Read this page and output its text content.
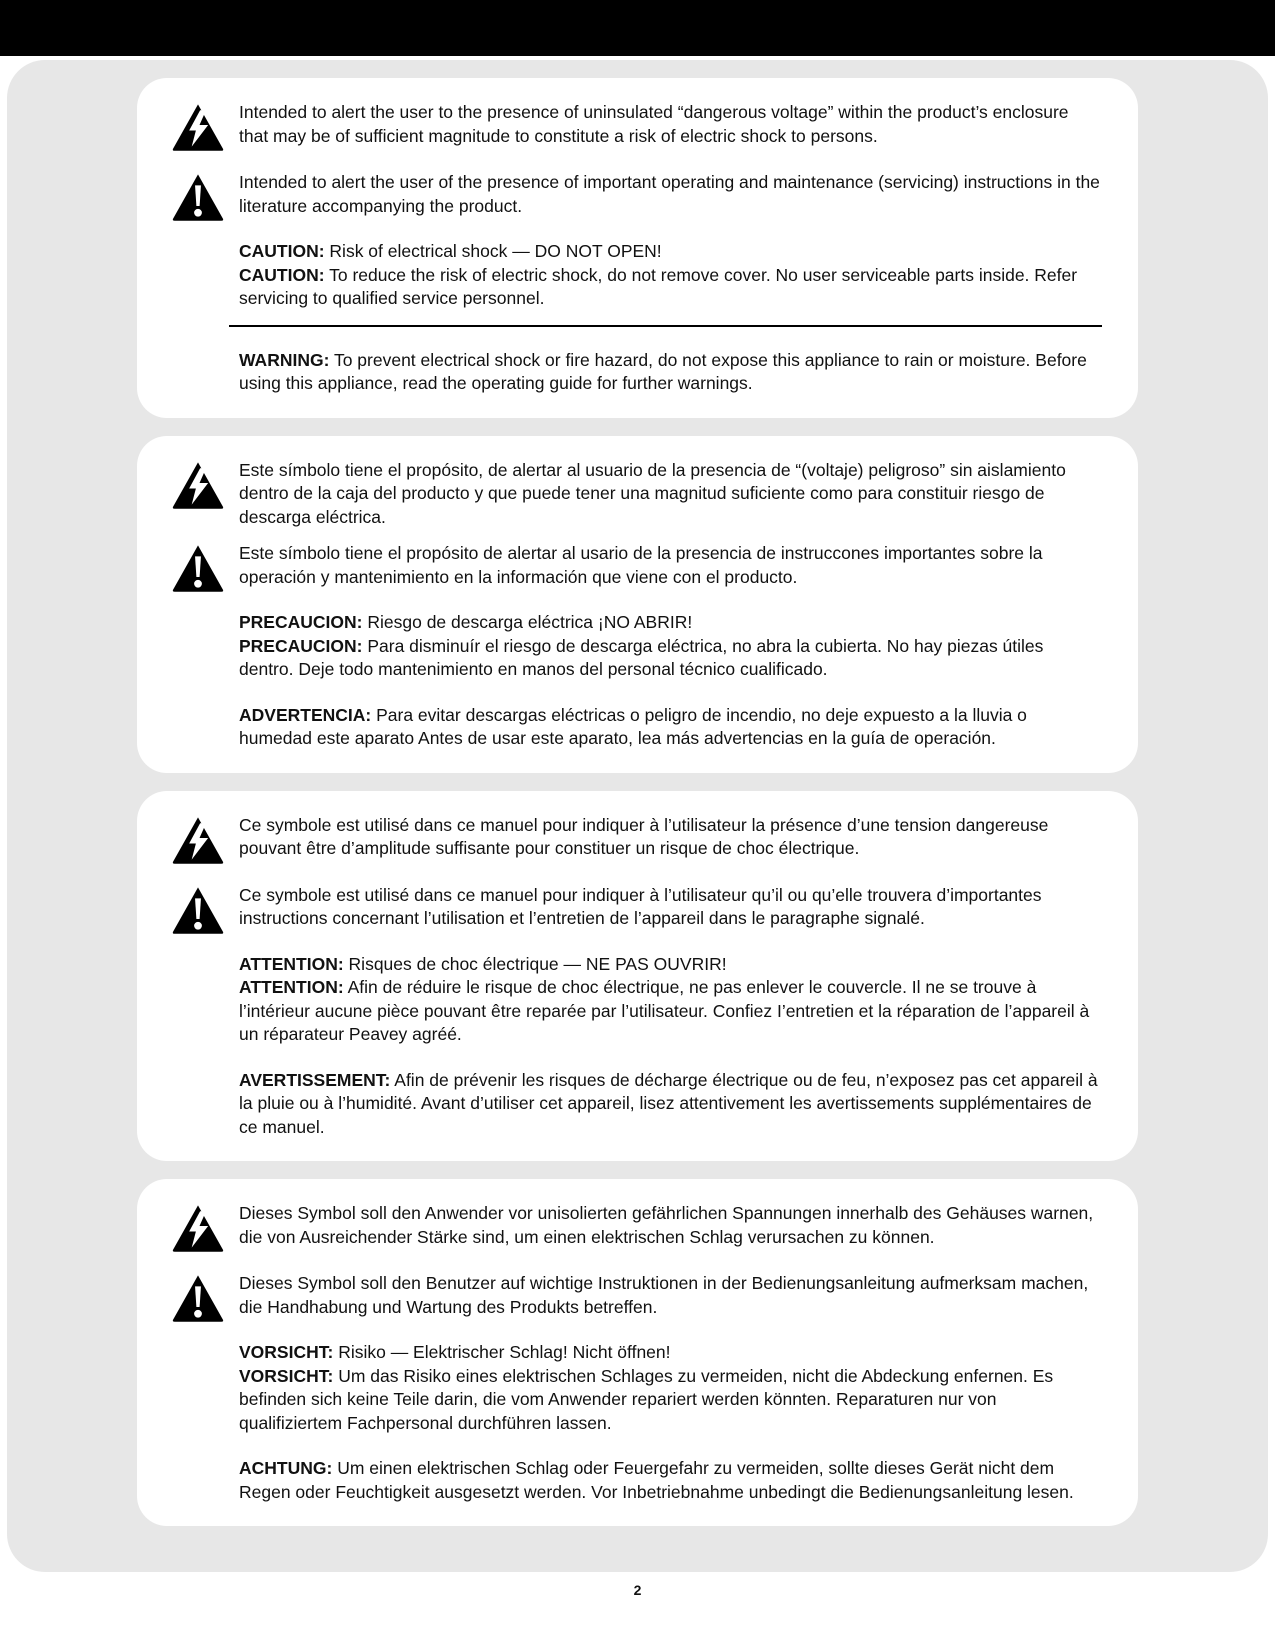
Intended to alert the user to the presence of uninsulated “dangerous voltage” within the product’s enclosure that may be of sufficient magnitude to constitute a risk of electric shock to persons.

Intended to alert the user of the presence of important operating and maintenance (servicing) instructions in the literature accompanying the product.

CAUTION: Risk of electrical shock — DO NOT OPEN!

CAUTION: To reduce the risk of electric shock, do not remove cover. No user serviceable parts inside. Refer servicing to qualified service personnel.

WARNING: To prevent electrical shock or fire hazard, do not expose this appliance to rain or moisture. Before using this appliance, read the operating guide for further warnings.

Este símbolo tiene el propósito, de alertar al usuario de la presencia de “(voltaje) peligroso” sin aislamiento dentro de la caja del producto y que puede tener una magnitud suficiente como para constituir riesgo de descarga eléctrica.

Este símbolo tiene el propósito de alertar al usario de la presencia de instruccones importantes sobre la operación y mantenimiento en la información que viene con el producto.

PRECAUCION: Riesgo de descarga eléctrica ¡NO ABRIR!

PRECAUCION: Para disminuír el riesgo de descarga eléctrica, no abra la cubierta. No hay piezas útiles dentro. Deje todo mantenimiento en manos del personal técnico cualificado.

ADVERTENCIA: Para evitar descargas eléctricas o peligro de incendio, no deje expuesto a la lluvia o humedad este aparato Antes de usar este aparato, lea más advertencias en la guía de operación.

Ce symbole est utilisé dans ce manuel pour indiquer à l’utilisateur la présence d’une tension dangereuse pouvant être d’amplitude suffisante pour constituer un risque de choc électrique.

Ce symbole est utilisé dans ce manuel pour indiquer à l’utilisateur qu’il ou qu’elle trouvera d’importantes instructions concernant l’utilisation et l’entretien de l’appareil dans le paragraphe signalé.

ATTENTION: Risques de choc électrique — NE PAS OUVRIR!

ATTENTION: Afin de réduire le risque de choc électrique, ne pas enlever le couvercle. Il ne se trouve à l’intérieur aucune pièce pouvant être reparée par l’utilisateur. Confiez I’entretien et la réparation de l’appareil à un réparateur Peavey agréé.

AVERTISSEMENT: Afin de prévenir les risques de décharge électrique ou de feu, n’exposez pas cet appareil à la pluie ou à l’humidité. Avant d’utiliser cet appareil, lisez attentivement les avertissements supplémentaires de ce manuel.

Dieses Symbol soll den Anwender vor unisolierten gefährlichen Spannungen innerhalb des Gehäuses warnen, die von Ausreichender Stärke sind, um einen elektrischen Schlag verursachen zu können.

Dieses Symbol soll den Benutzer auf wichtige Instruktionen in der Bedienungsanleitung aufmerksam machen, die Handhabung und Wartung des Produkts betreffen.

VORSICHT: Risiko — Elektrischer Schlag! Nicht öffnen!

VORSICHT: Um das Risiko eines elektrischen Schlages zu vermeiden, nicht die Abdeckung enfernen. Es befinden sich keine Teile darin, die vom Anwender repariert werden könnten. Reparaturen nur von qualifiziertem Fachpersonal durchführen lassen.

ACHTUNG: Um einen elektrischen Schlag oder Feuergefahr zu vermeiden, sollte dieses Gerät nicht dem Regen oder Feuchtigkeit ausgesetzt werden. Vor Inbetriebnahme unbedingt die Bedienungsanleitung lesen.

2
